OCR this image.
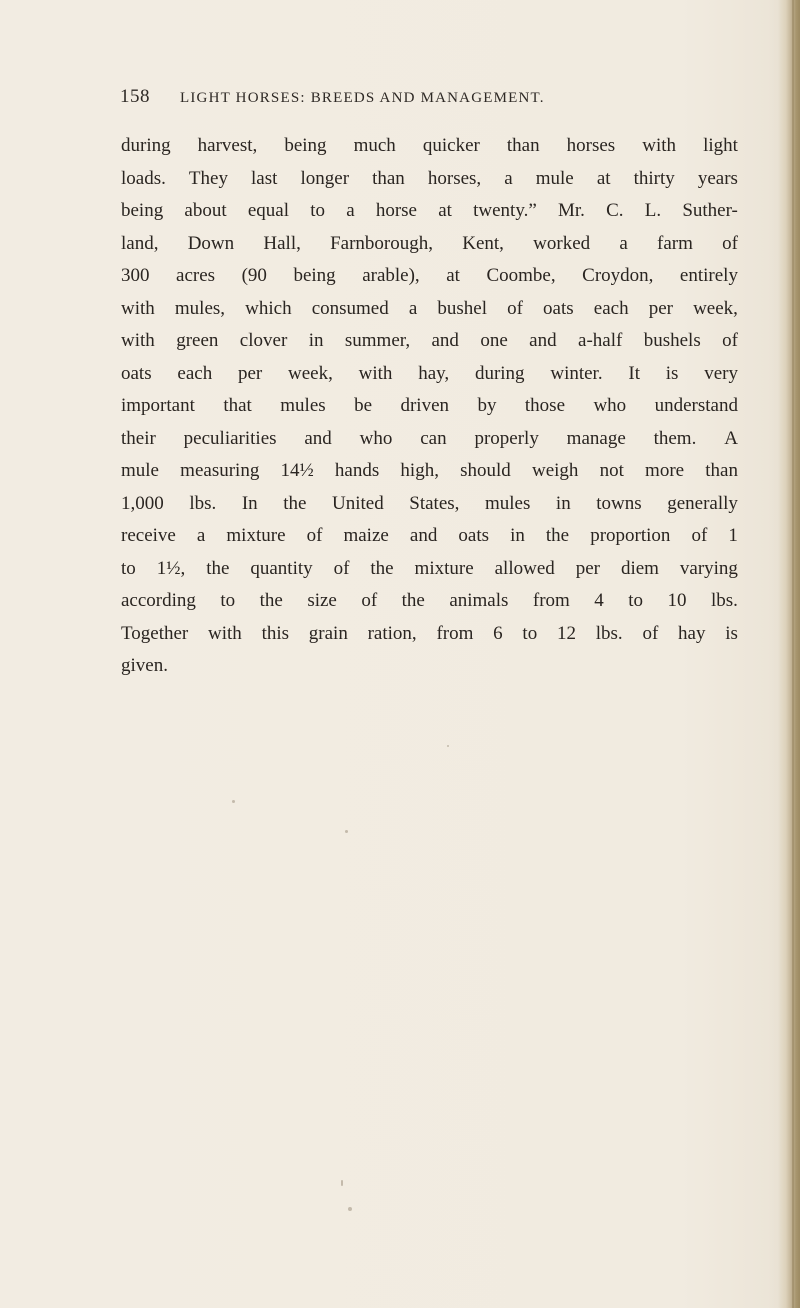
158 LIGHT HORSES: BREEDS AND MANAGEMENT.
during harvest, being much quicker than horses with light
loads. They last longer than horses, a mule at thirty years
being about equal to a horse at twenty.” Mr. C. L. Suther-
land, Down Hall, Farnborough, Kent, worked a farm of
300 acres (90 being arable), at Coombe, Croydon, entirely
with mules, which consumed a bushel of oats each per week,
with green clover in summer, and one and a-half bushels of
oats each per week, with hay, during winter. It is very
important that mules be driven by those who understand
their peculiarities and who can properly manage them. A
mule measuring 14½ hands high, should weigh not more than
1,000 lbs. In the United States, mules in towns generally
receive a mixture of maize and oats in the proportion of 1
to 1½, the quantity of the mixture allowed per diem varying
according to the size of the animals from 4 to 10 lbs.
Together with this grain ration, from 6 to 12 lbs. of hay is
given.
